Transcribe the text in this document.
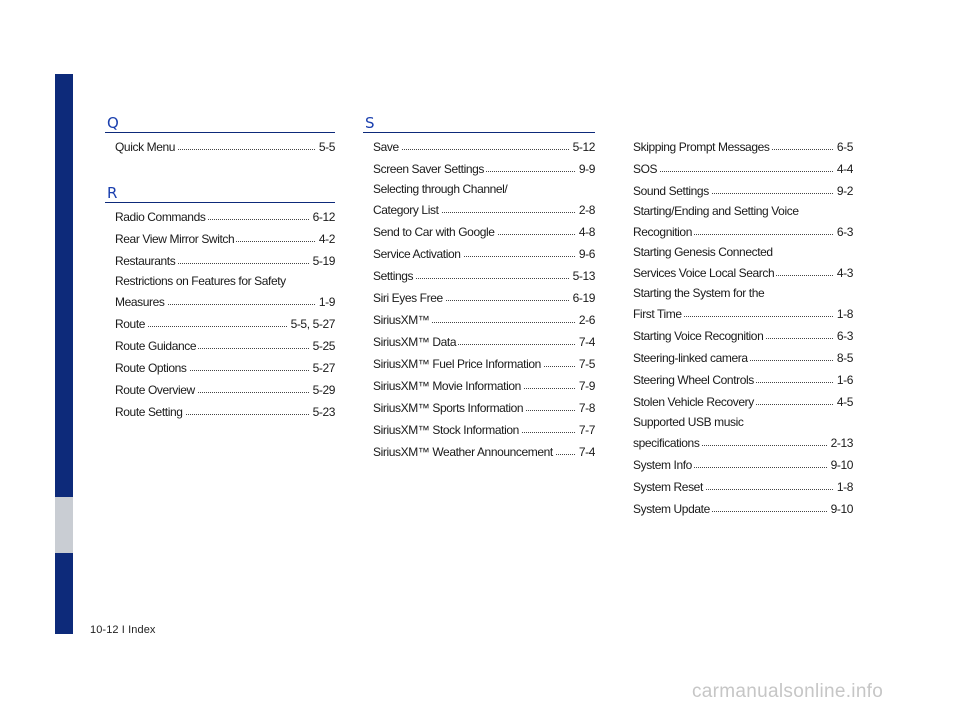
Q
Quick Menu	5-5
R
Radio Commands	6-12
Rear View Mirror Switch	4-2
Restaurants	5-19
Restrictions on Features for Safety
Measures	1-9
Route	5-5, 5-27
Route Guidance	5-25
Route Options	5-27
Route Overview	5-29
Route Setting	5-23
S
Save	5-12
Screen Saver Settings	9-9
Selecting through Channel/
Category List	2-8
Send to Car with Google	4-8
Service Activation	9-6
Settings	5-13
Siri Eyes Free	6-19
SiriusXM™	2-6
SiriusXM™ Data	7-4
SiriusXM™ Fuel Price Information	7-5
SiriusXM™ Movie Information	7-9
SiriusXM™ Sports Information	7-8
SiriusXM™ Stock Information	7-7
SiriusXM™ Weather Announcement 7-4
Skipping Prompt Messages	6-5
SOS	4-4
Sound Settings	9-2
Starting/Ending and Setting Voice
Recognition	6-3
Starting Genesis Connected
Services Voice Local Search	4-3
Starting the System for the
First Time	1-8
Starting Voice Recognition	6-3
Steering-linked camera	8-5
Steering Wheel Controls	1-6
Stolen Vehicle Recovery	4-5
Supported USB music
specifications	2-13
System Info	9-10
System Reset	1-8
System Update	9-10
10-12 I Index
carmanualsonline.info
